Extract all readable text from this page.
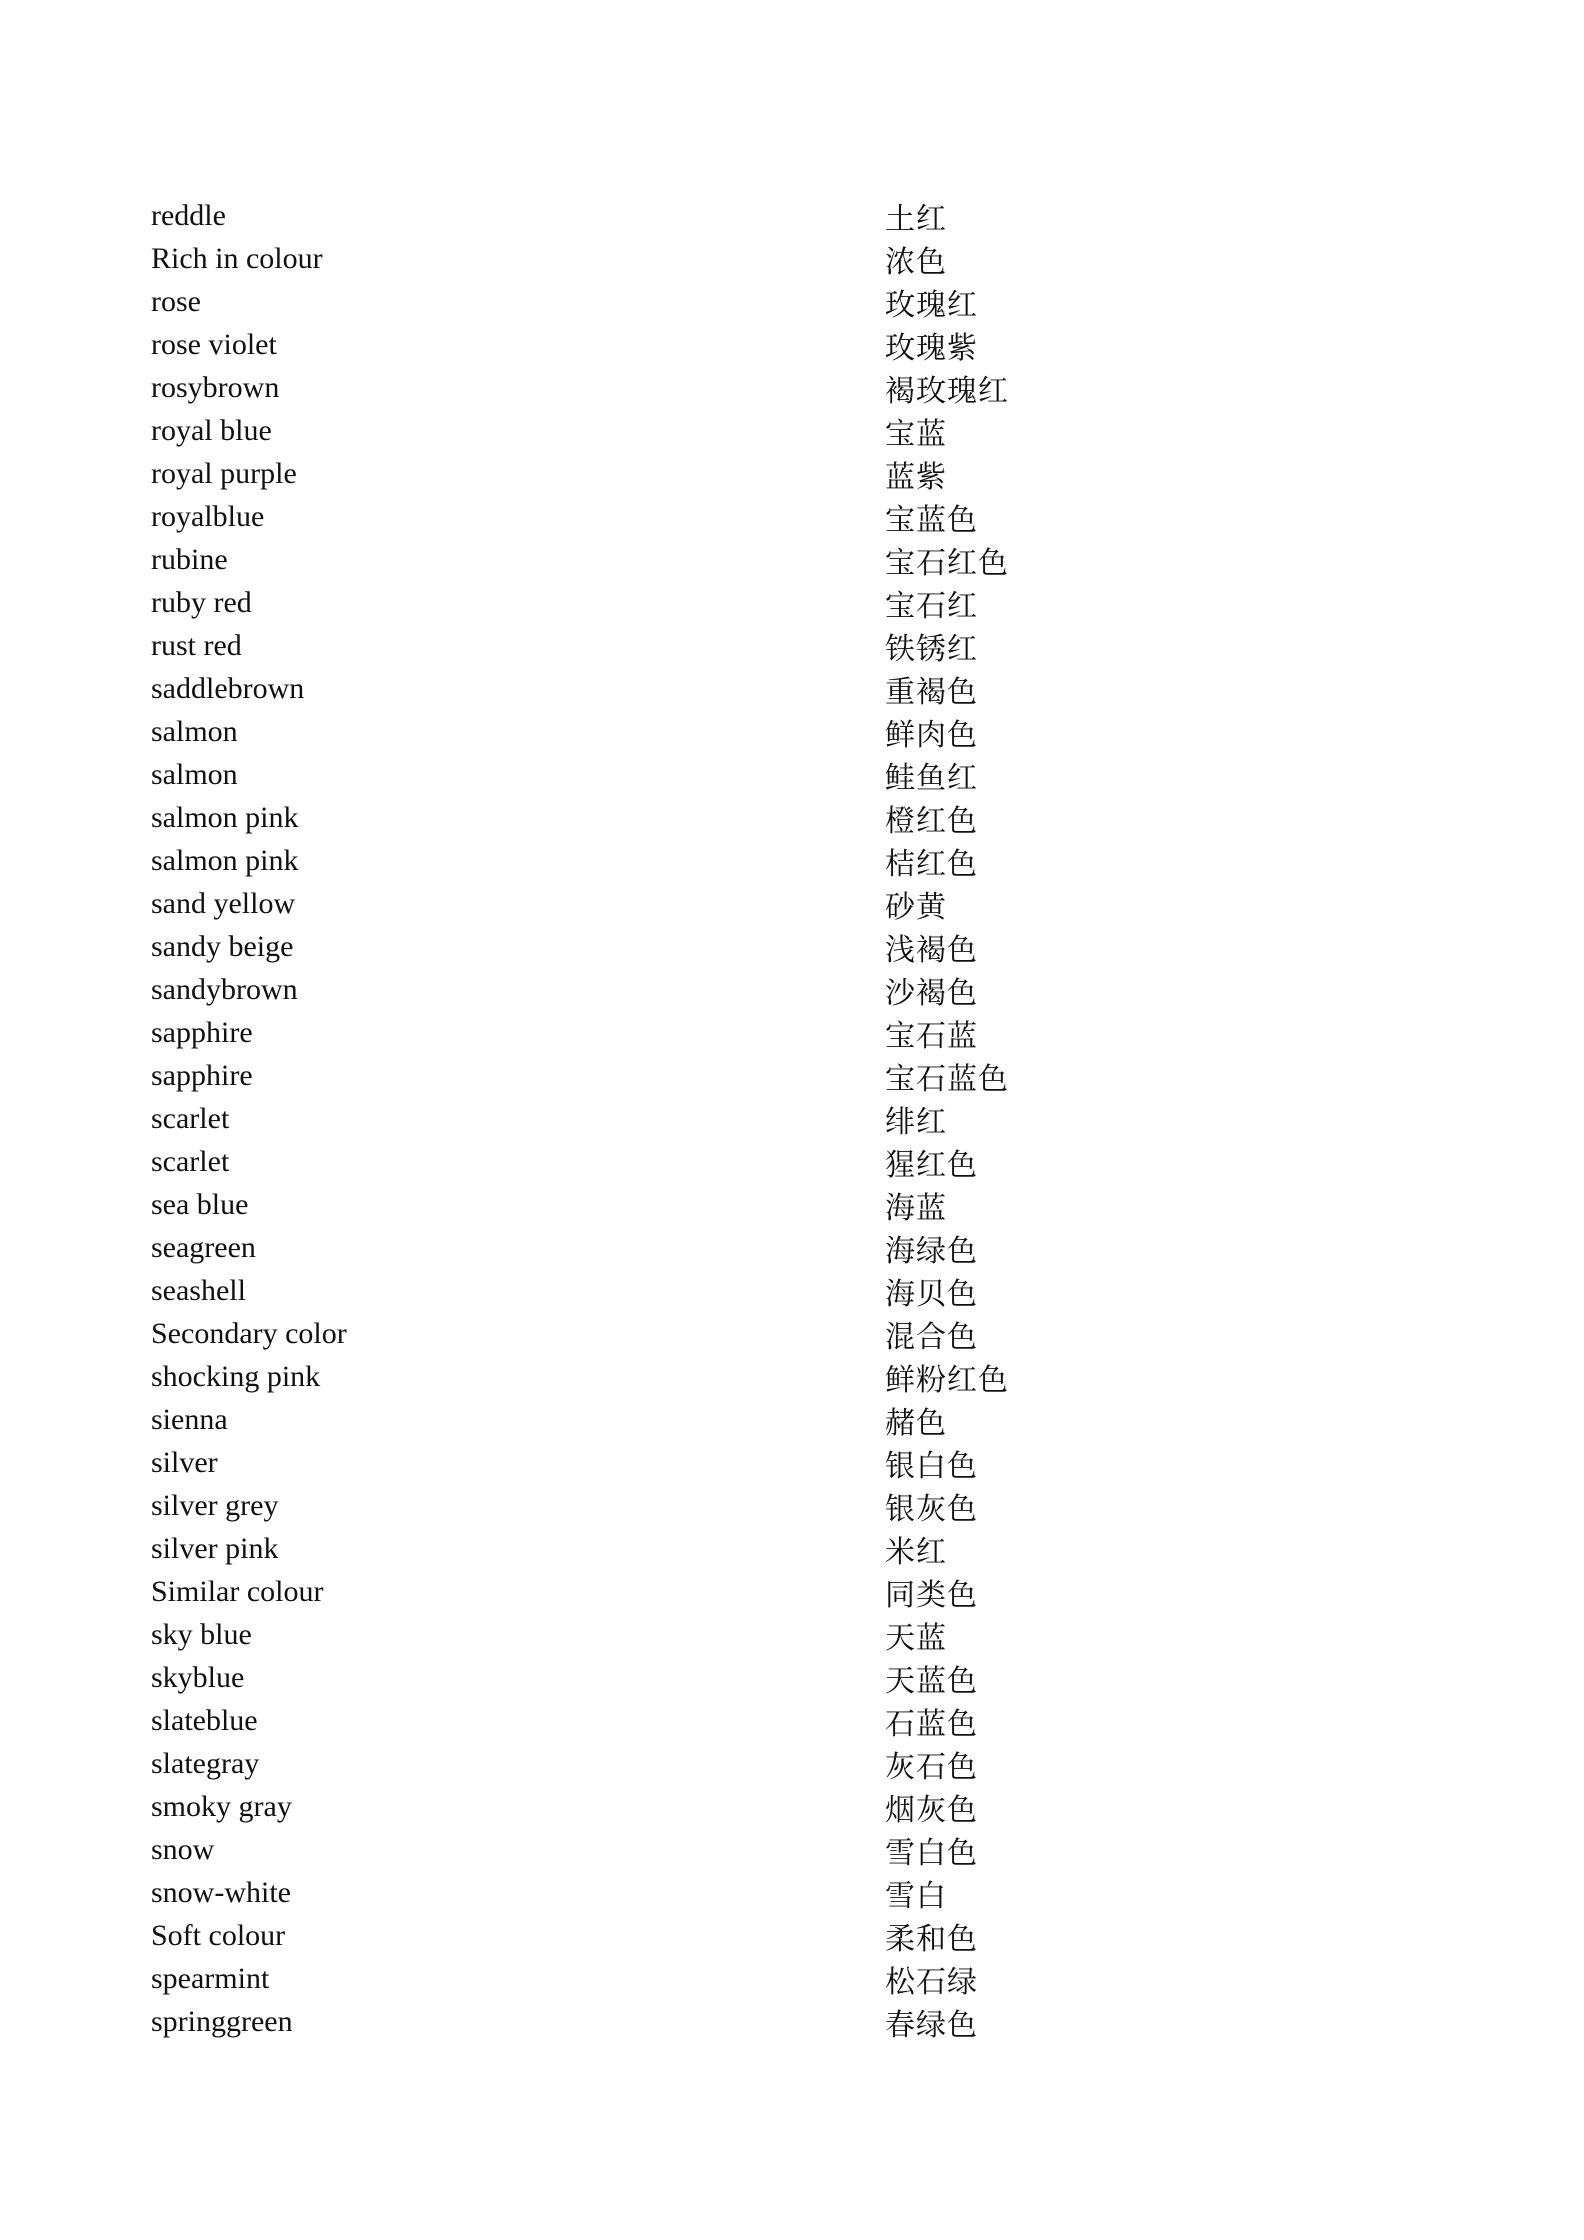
reddle	土红
Rich in colour	浓色
rose	玫瑰红
rose violet	玫瑰紫
rosybrown	褐玫瑰红
royal blue	宝蓝
royal purple	蓝紫
royalblue	宝蓝色
rubine	宝石红色
ruby red	宝石红
rust red	铁锈红
saddlebrown	重褐色
salmon	鲜肉色
salmon	鲑鱼红
salmon pink	橙红色
salmon pink	桔红色
sand yellow	砂黄
sandy beige	浅褐色
sandybrown	沙褐色
sapphire	宝石蓝
sapphire	宝石蓝色
scarlet	绯红
scarlet	猩红色
sea blue	海蓝
seagreen	海绿色
seashell	海贝色
Secondary color	混合色
shocking pink	鲜粉红色
sienna	赭色
silver	银白色
silver grey	银灰色
silver pink	米红
Similar colour	同类色
sky blue	天蓝
skyblue	天蓝色
slateblue	石蓝色
slategray	灰石色
smoky gray	烟灰色
snow	雪白色
snow-white	雪白
Soft colour	柔和色
spearmint	松石绿
springgreen	春绿色
